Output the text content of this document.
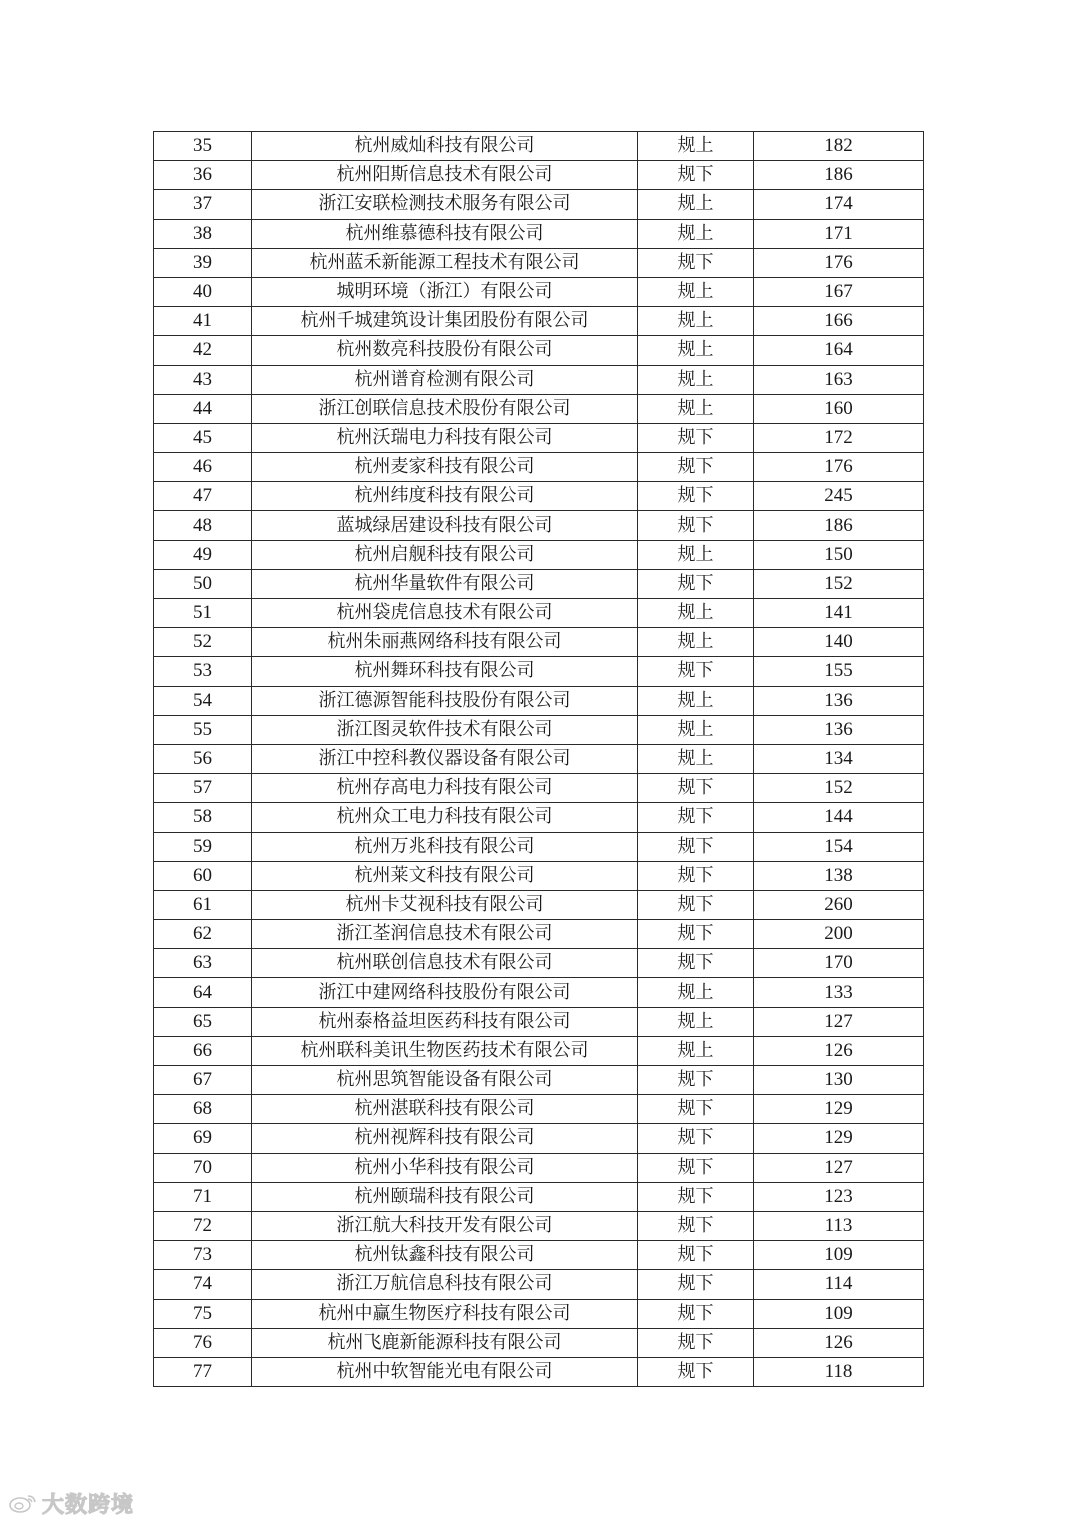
35	杭州威灿科技有限公司	规上	182
36	杭州阳斯信息技术有限公司	规下	186
37	浙江安联检测技术服务有限公司	规上	174
38	杭州维慕德科技有限公司	规上	171
39	杭州蓝禾新能源工程技术有限公司	规下	176
40	城明环境（浙江）有限公司	规上	167
41	杭州千城建筑设计集团股份有限公司	规上	166
42	杭州数亮科技股份有限公司	规上	164
43	杭州谱育检测有限公司	规上	163
44	浙江创联信息技术股份有限公司	规上	160
45	杭州沃瑞电力科技有限公司	规下	172
46	杭州麦家科技有限公司	规下	176
47	杭州纬度科技有限公司	规下	245
48	蓝城绿居建设科技有限公司	规下	186
49	杭州启舰科技有限公司	规上	150
50	杭州华量软件有限公司	规下	152
51	杭州袋虎信息技术有限公司	规上	141
52	杭州朱丽燕网络科技有限公司	规上	140
53	杭州舞环科技有限公司	规下	155
54	浙江德源智能科技股份有限公司	规上	136
55	浙江图灵软件技术有限公司	规上	136
56	浙江中控科教仪器设备有限公司	规上	134
57	杭州存高电力科技有限公司	规下	152
58	杭州众工电力科技有限公司	规下	144
59	杭州万兆科技有限公司	规下	154
60	杭州莱文科技有限公司	规下	138
61	杭州卡艾视科技有限公司	规下	260
62	浙江荃润信息技术有限公司	规下	200
63	杭州联创信息技术有限公司	规下	170
64	浙江中建网络科技股份有限公司	规上	133
65	杭州泰格益坦医药科技有限公司	规上	127
66	杭州联科美讯生物医药技术有限公司	规上	126
67	杭州思筑智能设备有限公司	规下	130
68	杭州湛联科技有限公司	规下	129
69	杭州视辉科技有限公司	规下	129
70	杭州小华科技有限公司	规下	127
71	杭州颐瑞科技有限公司	规下	123
72	浙江航大科技开发有限公司	规下	113
73	杭州钛鑫科技有限公司	规下	109
74	浙江万航信息科技有限公司	规下	114
75	杭州中赢生物医疗科技有限公司	规下	109
76	杭州飞鹿新能源科技有限公司	规下	126
77	杭州中软智能光电有限公司	规下	118
大数跨境
